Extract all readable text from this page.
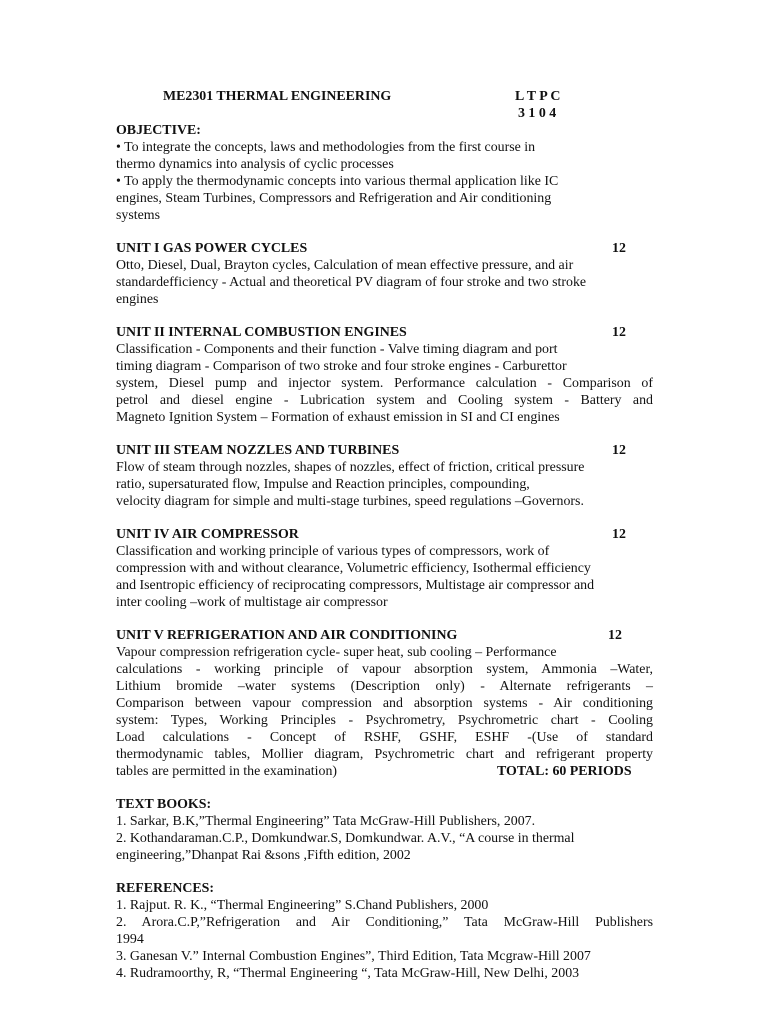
ME2301 THERMAL ENGINEERING	L T P C
3 1 0 4
OBJECTIVE:
• To integrate the concepts, laws and methodologies from the first course in
thermo dynamics into analysis of cyclic processes
• To apply the thermodynamic concepts into various thermal application like IC
engines, Steam Turbines, Compressors and Refrigeration and Air conditioning
systems
UNIT I GAS POWER CYCLES	12
Otto, Diesel, Dual, Brayton cycles, Calculation of mean effective pressure, and air
standardefficiency - Actual and theoretical PV diagram of four stroke and two stroke
engines
UNIT II INTERNAL COMBUSTION ENGINES	12
Classification - Components and their function - Valve timing diagram and port
timing diagram - Comparison of two stroke and four stroke engines - Carburettor
system, Diesel pump and injector system. Performance calculation - Comparison of
petrol and diesel engine - Lubrication system and Cooling system - Battery and
Magneto Ignition System – Formation of exhaust emission in SI and CI engines
UNIT III STEAM NOZZLES AND TURBINES	12
Flow of steam through nozzles, shapes of nozzles, effect of friction, critical pressure
ratio, supersaturated flow, Impulse and Reaction principles, compounding,
velocity diagram for simple and multi-stage turbines, speed regulations –Governors.
UNIT IV AIR COMPRESSOR	12
Classification and working principle of various types of compressors, work of
compression with and without clearance, Volumetric efficiency, Isothermal efficiency
and Isentropic efficiency of reciprocating compressors, Multistage air compressor and
inter cooling –work of multistage air compressor
UNIT V REFRIGERATION AND AIR CONDITIONING	12
Vapour compression refrigeration cycle- super heat, sub cooling – Performance
calculations - working principle of vapour absorption system, Ammonia –Water,
Lithium bromide –water systems (Description only) - Alternate refrigerants –
Comparison between vapour compression and absorption systems - Air conditioning
system: Types, Working Principles - Psychrometry, Psychrometric chart - Cooling
Load calculations - Concept of RSHF, GSHF, ESHF -(Use of standard
thermodynamic tables, Mollier diagram, Psychrometric chart and refrigerant property
tables are permitted in the examination)	TOTAL: 60 PERIODS
TEXT BOOKS:
1. Sarkar, B.K,”Thermal Engineering” Tata McGraw-Hill Publishers, 2007.
2. Kothandaraman.C.P., Domkundwar.S, Domkundwar. A.V., “A course in thermal
engineering,”Dhanpat Rai &sons ,Fifth edition, 2002
REFERENCES:
1. Rajput. R. K., “Thermal Engineering” S.Chand Publishers, 2000
2. Arora.C.P,”Refrigeration and Air Conditioning,” Tata McGraw-Hill Publishers
1994
3. Ganesan V.” Internal Combustion Engines”, Third Edition, Tata Mcgraw-Hill 2007
4. Rudramoorthy, R, “Thermal Engineering “, Tata McGraw-Hill, New Delhi, 2003
